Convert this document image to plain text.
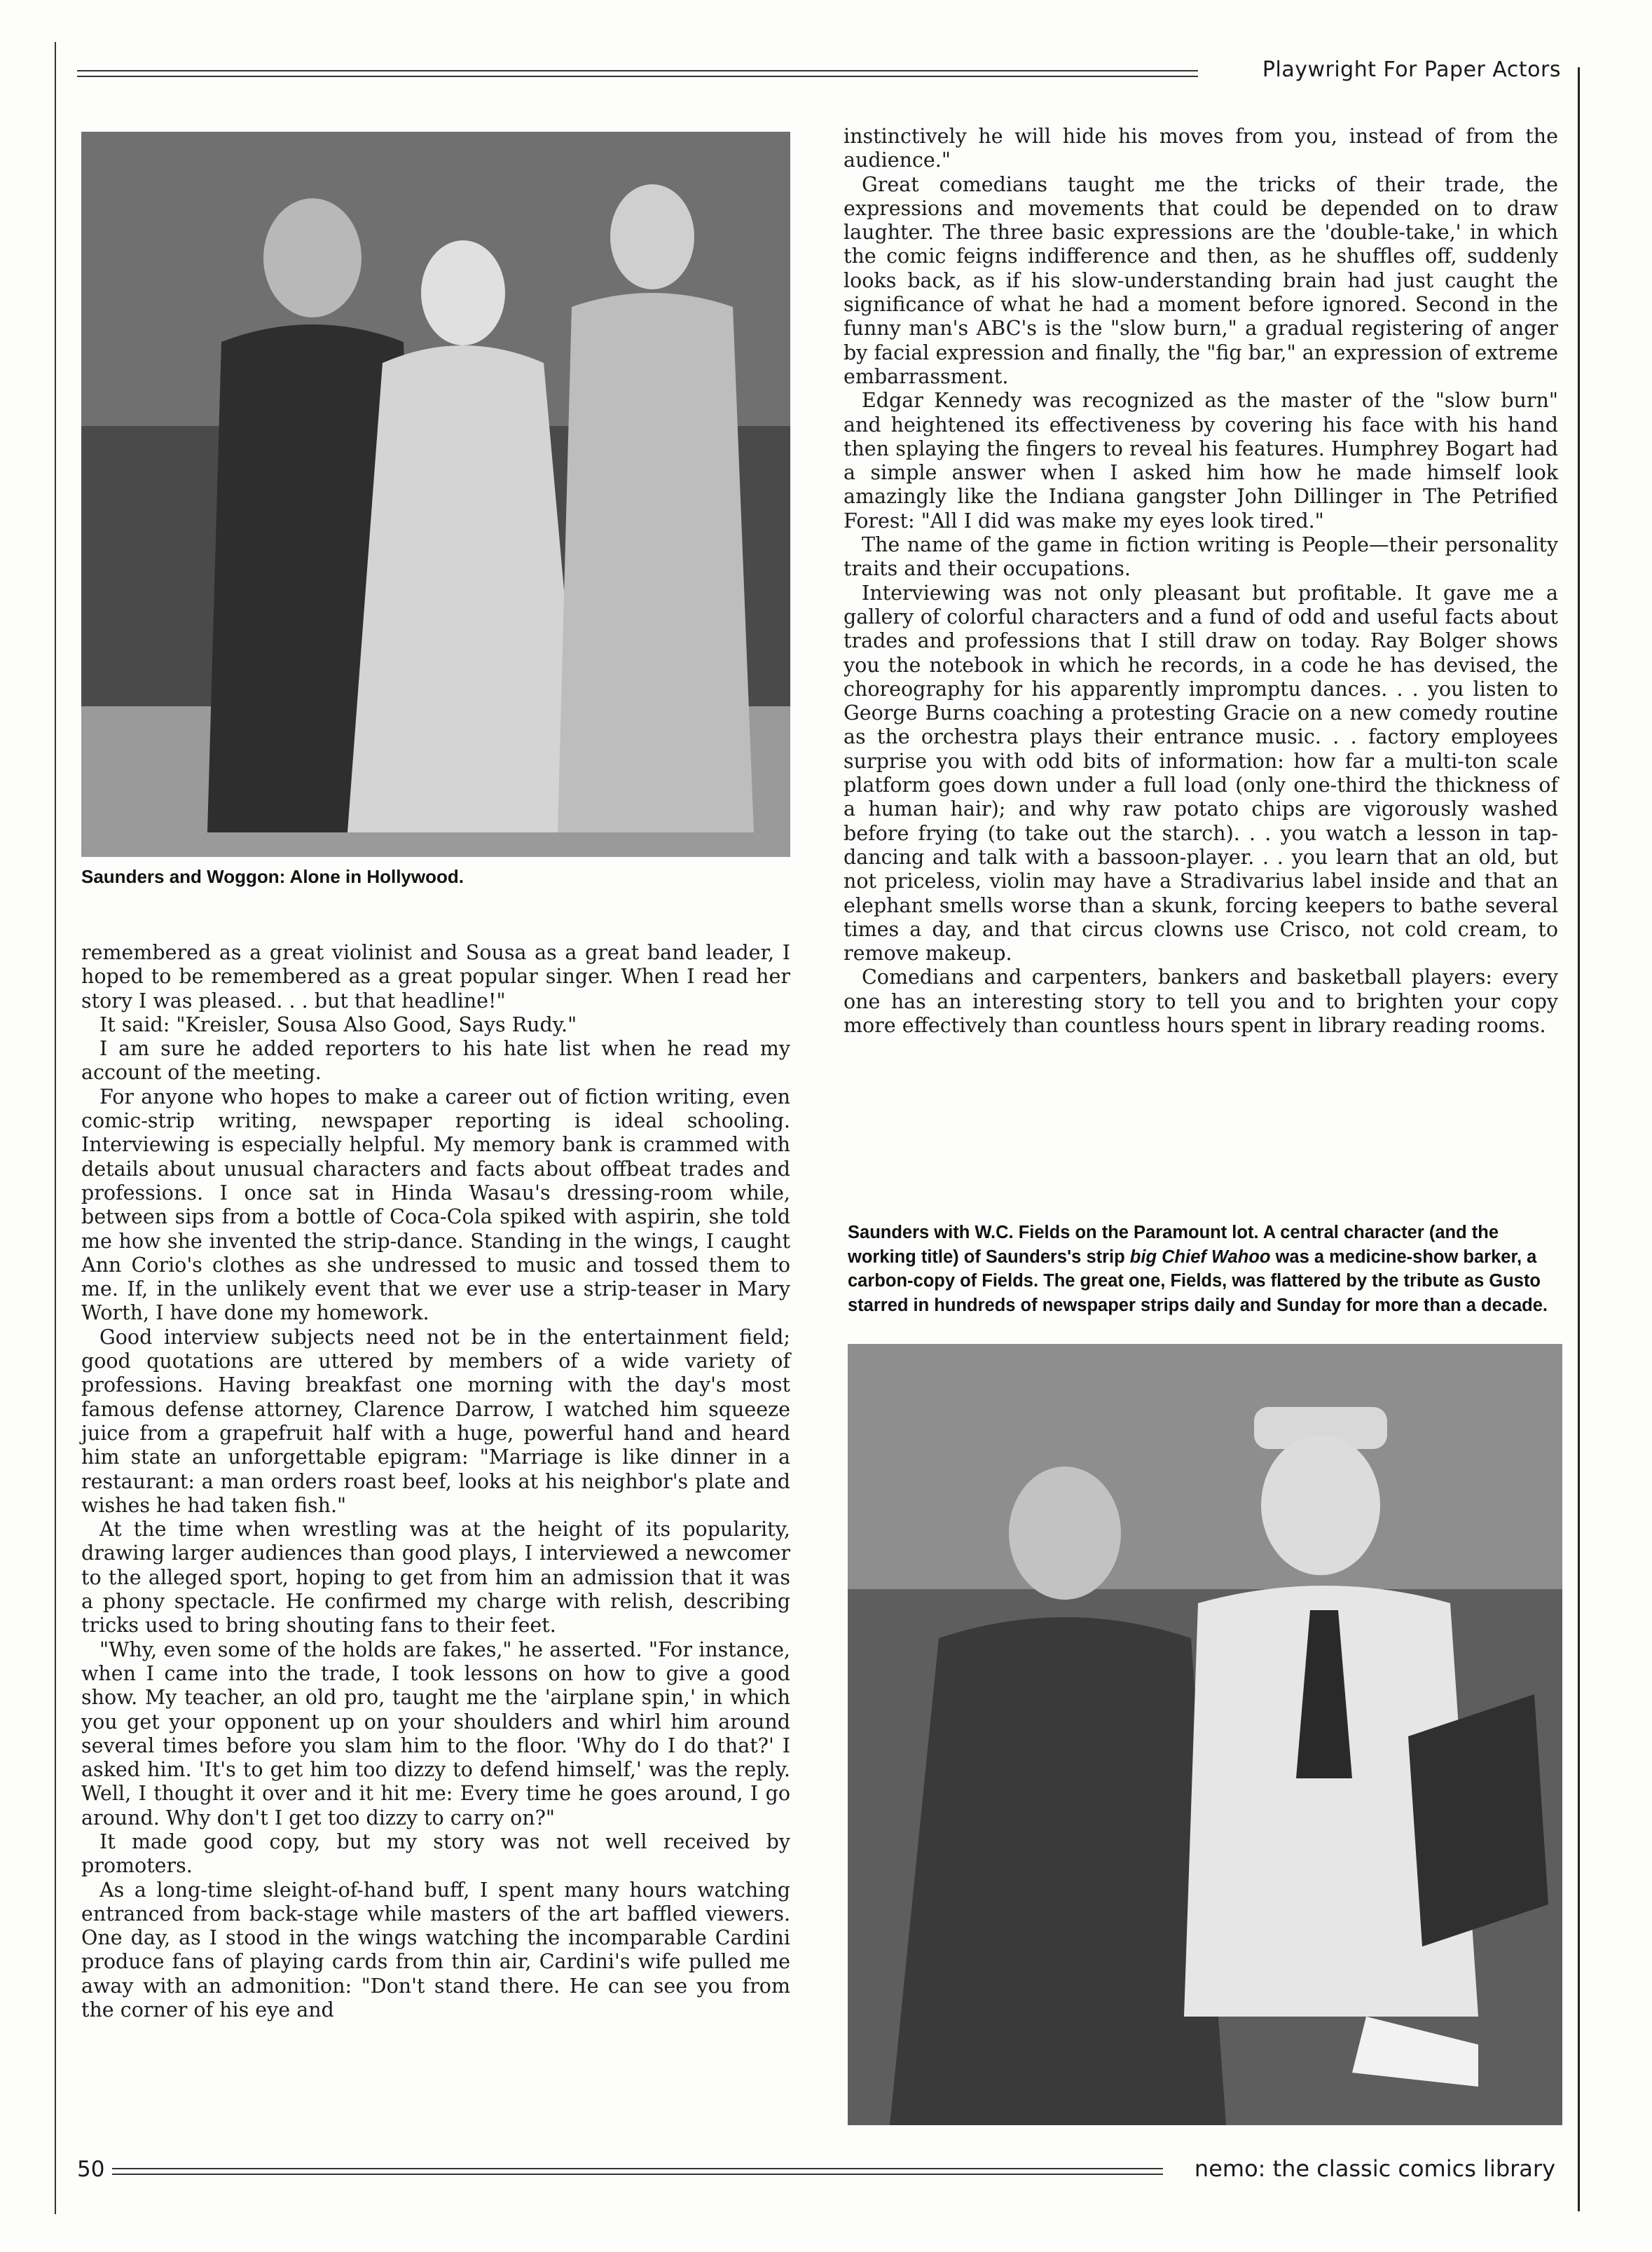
Playwright For Paper Actors
Saunders and Woggon: Alone in Hollywood.

remembered as a great violinist and Sousa as a great band leader, I hoped to be remembered as a great popular singer. When I read her story I was pleased. . . but that headline!"

It said: "Kreisler, Sousa Also Good, Says Rudy."

I am sure he added reporters to his hate list when he read my account of the meeting.

For anyone who hopes to make a career out of fiction writing, even comic-strip writing, newspaper reporting is ideal schooling. Interviewing is especially helpful. My memory bank is crammed with details about unusual characters and facts about offbeat trades and professions. I once sat in Hinda Wasau's dressing-room while, between sips from a bottle of Coca-Cola spiked with aspirin, she told me how she invented the strip-dance. Standing in the wings, I caught Ann Corio's clothes as she undressed to music and tossed them to me. If, in the unlikely event that we ever use a strip-teaser in Mary Worth, I have done my homework.

Good interview subjects need not be in the entertainment field; good quotations are uttered by members of a wide variety of professions. Having breakfast one morning with the day's most famous defense attorney, Clarence Darrow, I watched him squeeze juice from a grapefruit half with a huge, powerful hand and heard him state an unforgettable epigram: "Marriage is like dinner in a restaurant: a man orders roast beef, looks at his neighbor's plate and wishes he had taken fish."

At the time when wrestling was at the height of its popularity, drawing larger audiences than good plays, I interviewed a newcomer to the alleged sport, hoping to get from him an admission that it was a phony spectacle. He confirmed my charge with relish, describing tricks used to bring shouting fans to their feet.

"Why, even some of the holds are fakes," he asserted. "For instance, when I came into the trade, I took lessons on how to give a good show. My teacher, an old pro, taught me the 'airplane spin,' in which you get your opponent up on your shoulders and whirl him around several times before you slam him to the floor. 'Why do I do that?' I asked him. 'It's to get him too dizzy to defend himself,' was the reply. Well, I thought it over and it hit me: Every time he goes around, I go around. Why don't I get too dizzy to carry on?"

It made good copy, but my story was not well received by promoters.

As a long-time sleight-of-hand buff, I spent many hours watching entranced from back-stage while masters of the art baffled viewers. One day, as I stood in the wings watching the incomparable Cardini produce fans of playing cards from thin air, Cardini's wife pulled me away with an admonition: "Don't stand there. He can see you from the corner of his eye and

instinctively he will hide his moves from you, instead of from the audience."

Great comedians taught me the tricks of their trade, the expressions and movements that could be depended on to draw laughter. The three basic expressions are the 'double-take,' in which the comic feigns indifference and then, as he shuffles off, suddenly looks back, as if his slow-understanding brain had just caught the significance of what he had a moment before ignored. Second in the funny man's ABC's is the "slow burn," a gradual registering of anger by facial expression and finally, the "fig bar," an expression of extreme embarrassment.

Edgar Kennedy was recognized as the master of the "slow burn" and heightened its effectiveness by covering his face with his hand then splaying the fingers to reveal his features. Humphrey Bogart had a simple answer when I asked him how he made himself look amazingly like the Indiana gangster John Dillinger in The Petrified Forest: "All I did was make my eyes look tired."

The name of the game in fiction writing is People—their personality traits and their occupations.

Interviewing was not only pleasant but profitable. It gave me a gallery of colorful characters and a fund of odd and useful facts about trades and professions that I still draw on today. Ray Bolger shows you the notebook in which he records, in a code he has devised, the choreography for his apparently impromptu dances. . . you listen to George Burns coaching a protesting Gracie on a new comedy routine as the orchestra plays their entrance music. . . factory employees surprise you with odd bits of information: how far a multi-ton scale platform goes down under a full load (only one-third the thickness of a human hair); and why raw potato chips are vigorously washed before frying (to take out the starch). . . you watch a lesson in tap-dancing and talk with a bassoon-player. . . you learn that an old, but not priceless, violin may have a Stradivarius label inside and that an elephant smells worse than a skunk, forcing keepers to bathe several times a day, and that circus clowns use Crisco, not cold cream, to remove makeup.

Comedians and carpenters, bankers and basketball players: every one has an interesting story to tell you and to brighten your copy more effectively than countless hours spent in library reading rooms.

Saunders with W.C. Fields on the Paramount lot. A central character (and the working title) of Saunders's strip big Chief Wahoo was a medicine-show barker, a carbon-copy of Fields. The great one, Fields, was flattered by the tribute as Gusto starred in hundreds of newspaper strips daily and Sunday for more than a decade.
50	nemo: the classic comics library
